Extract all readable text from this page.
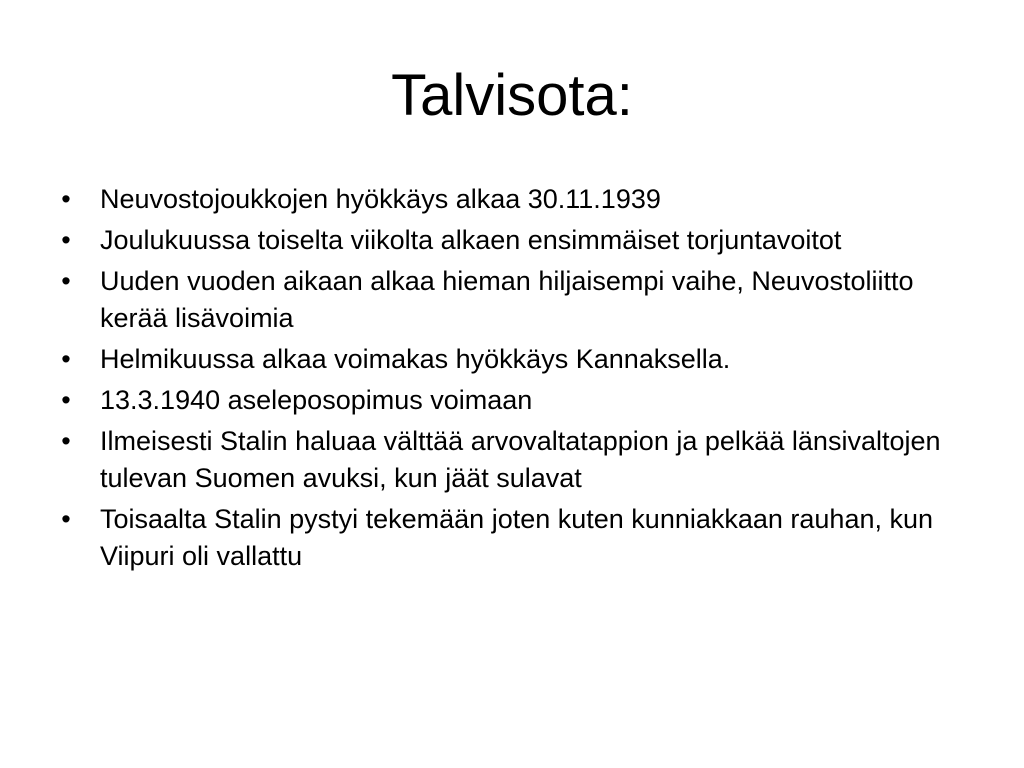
Talvisota:
• Neuvostojoukkojen hyökkäys alkaa 30.11.1939
• Joulukuussa toiselta viikolta alkaen ensimmäiset torjuntavoitot
• Uuden vuoden aikaan alkaa hieman hiljaisempi vaihe, Neuvostoliitto kerää lisävoimia
• Helmikuussa alkaa voimakas hyökkäys Kannaksella.
• 13.3.1940 aseleposopimus voimaan
• Ilmeisesti Stalin haluaa välttää arvovaltatappion ja pelkää länsivaltojen tulevan Suomen avuksi, kun jäät sulavat
• Toisaalta Stalin pystyi tekemään joten kuten kunniakkaan rauhan, kun Viipuri oli vallattu
